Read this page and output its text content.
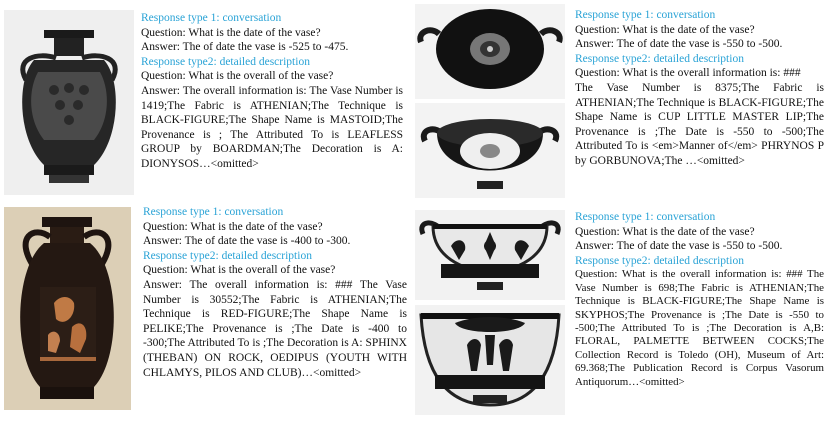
Response type 1: conversation
Question: What is the date of the vase?
Answer: The of date the vase is -525 to -475.
Response type2: detailed description
Question: What is the overall of the vase?
Answer: The overall information is: The Vase Number is 1419;The Fabric is ATHENIAN;The Technique is BLACK-FIGURE;The Shape Name is MASTOID;The Provenance is ; The Attributed To is LEAFLESS GROUP by BOARDMAN;The Decoration is A: DIONYSOS…<omitted>
Response type 1: conversation
Question: What is the date of the vase?
Answer: The of date the vase is -550 to -500.
Response type2: detailed description
Question: What is the overall information is: ###
The Vase Number is 8375;The Fabric is ATHENIAN;The Technique is BLACK-FIGURE;The Shape Name is CUP LITTLE MASTER LIP;The Provenance is ;The Date is -550 to -500;The Attributed To is <em>Manner of</em> PHRYNOS P by GORBUNOVA;The …<omitted>
Response type 1: conversation
Question: What is the date of the vase?
Answer: The of date the vase is -400 to -300.
Response type2: detailed description
Question: What is the overall of the vase?
Answer: The overall information is: ### The Vase Number is 30552;The Fabric is ATHENIAN;The Technique is RED-FIGURE;The Shape Name is PELIKE;The Provenance is ;The Date is -400 to -300;The Attributed To is ;The Decoration is A: SPHINX (THEBAN) ON ROCK, OEDIPUS (YOUTH WITH CHLAMYS, PILOS AND CLUB)…<omitted>
Response type 1: conversation
Question: What is the date of the vase?
Answer: The of date the vase is -550 to -500.
Response type2: detailed description
Question: What is the overall information is: ### The Vase Number is 698;The Fabric is ATHENIAN;The Technique is BLACK-FIGURE;The Shape Name is SKYPHOS;The Provenance is ;The Date is -550 to -500;The Attributed To is ;The Decoration is A,B: FLORAL, PALMETTE BETWEEN COCKS;The Collection Record is Toledo (OH), Museum of Art: 69.368;The Publication Record is Corpus Vasorum Antiquorum…<omitted>
